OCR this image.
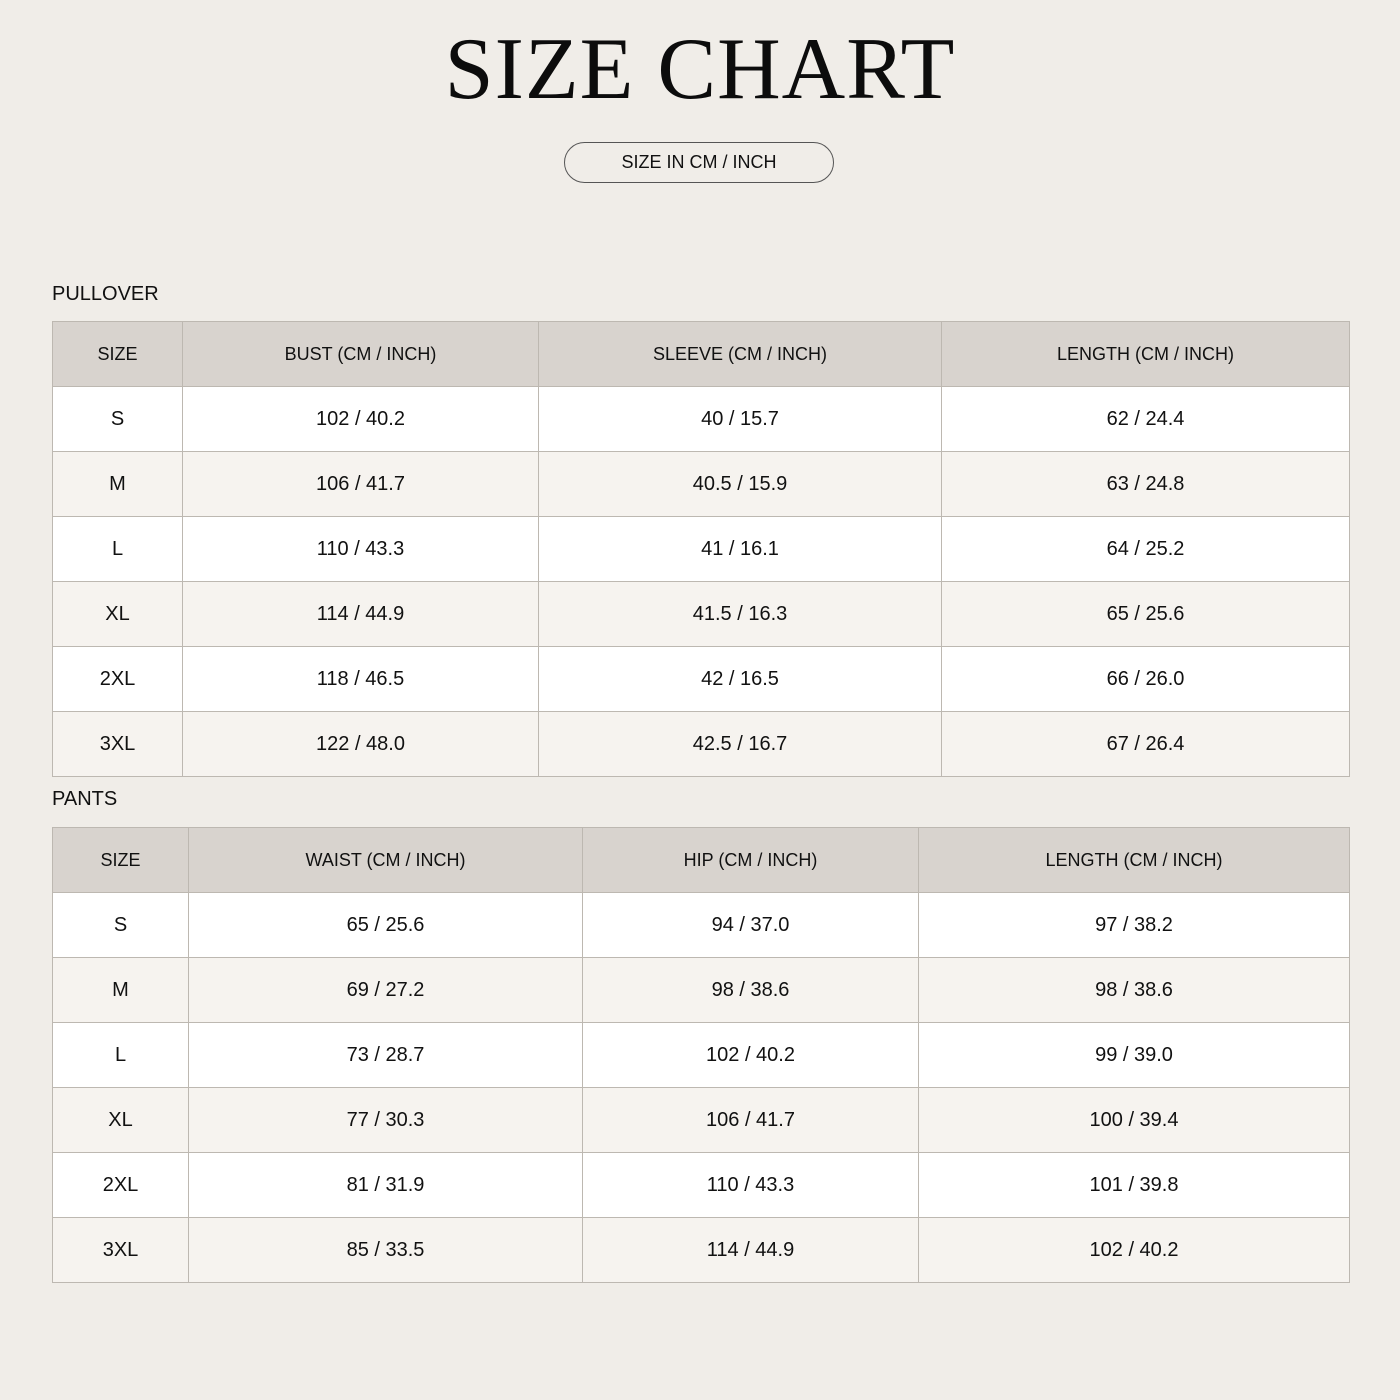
SIZE CHART
SIZE IN CM / INCH
PULLOVER
SIZE	BUST (CM / INCH)	SLEEVE (CM / INCH)	LENGTH (CM / INCH)
S	102 / 40.2	40 / 15.7	62 / 24.4
M	106 / 41.7	40.5 / 15.9	63 / 24.8
L	110 / 43.3	41 / 16.1	64 / 25.2
XL	114 / 44.9	41.5 / 16.3	65 / 25.6
2XL	118 / 46.5	42 / 16.5	66 / 26.0
3XL	122 / 48.0	42.5 / 16.7	67 / 26.4
PANTS
SIZE	WAIST (CM / INCH)	HIP (CM / INCH)	LENGTH (CM / INCH)
S	65 / 25.6	94 / 37.0	97 / 38.2
M	69 / 27.2	98 / 38.6	98 / 38.6
L	73 / 28.7	102 / 40.2	99 / 39.0
XL	77 / 30.3	106 / 41.7	100 / 39.4
2XL	81 / 31.9	110 / 43.3	101 / 39.8
3XL	85 / 33.5	114 / 44.9	102 / 40.2
